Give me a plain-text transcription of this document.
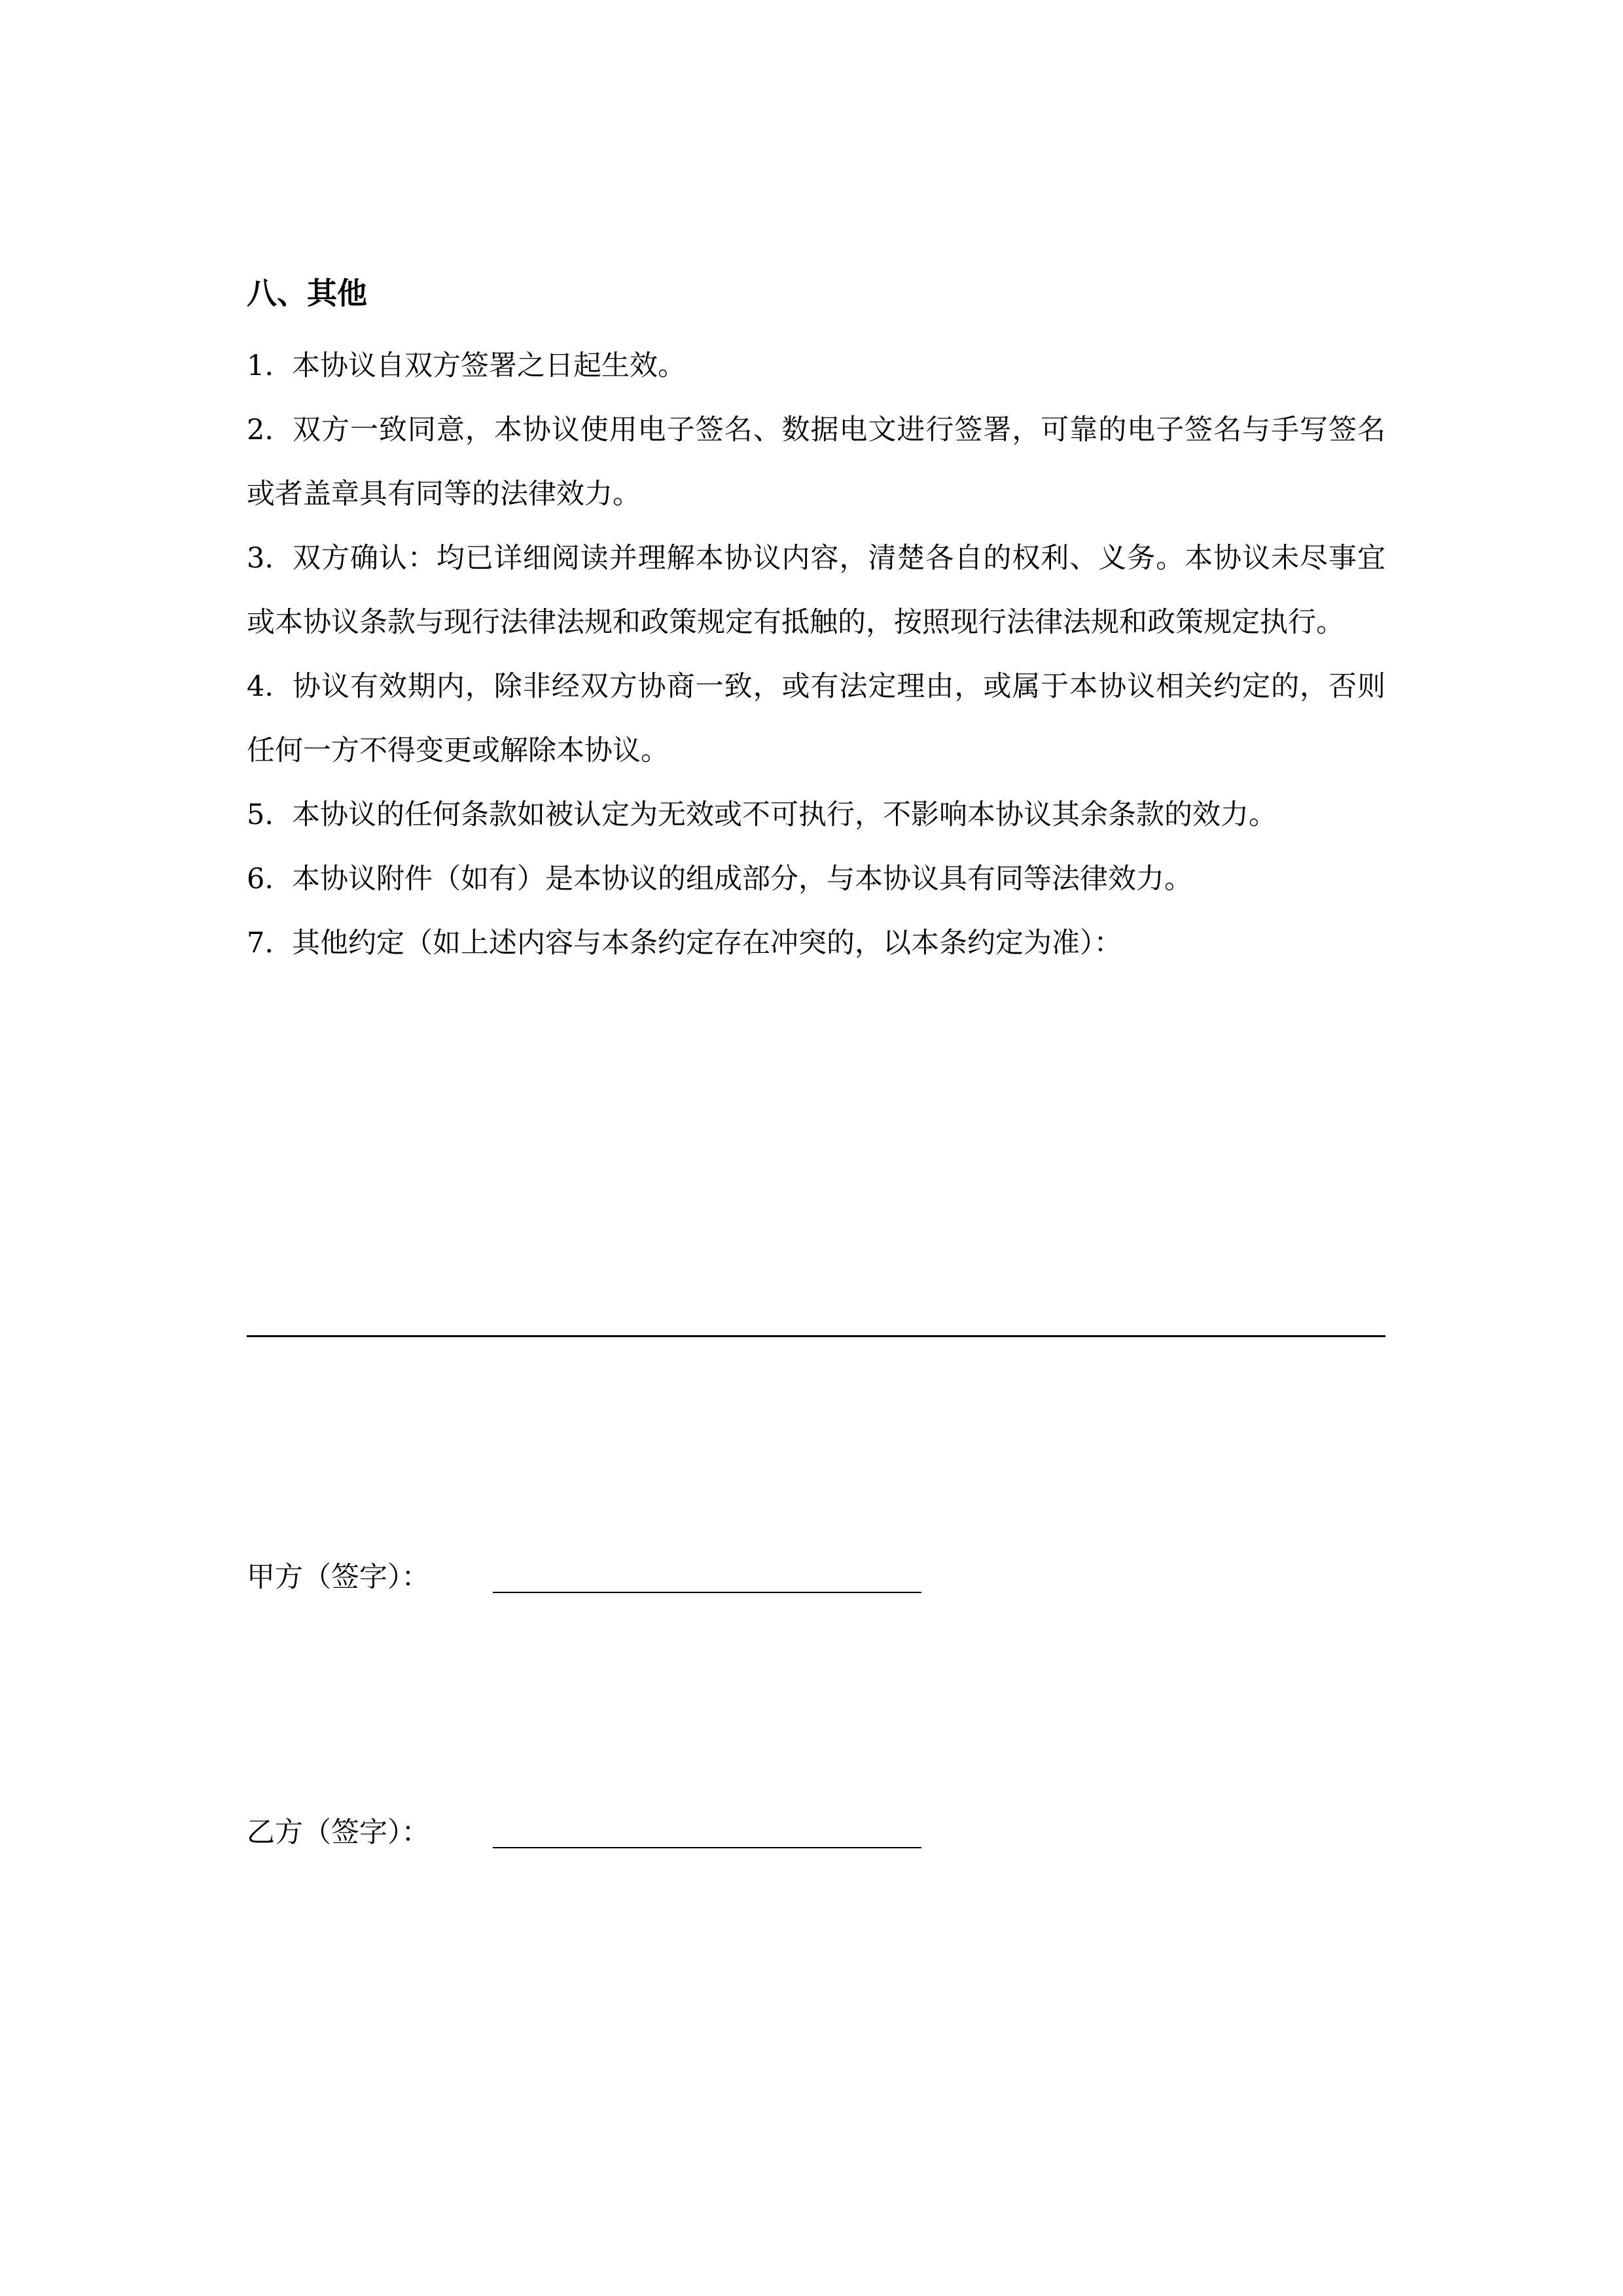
八、其他
1. 本协议自双方签署之日起生效。
2. 双方一致同意，本协议使用电子签名、数据电文进行签署，可靠的电子签名与手写签名或者盖章具有同等的法律效力。
3. 双方确认：均已详细阅读并理解本协议内容，清楚各自的权利、义务。本协议未尽事宜或本协议条款与现行法律法规和政策规定有抵触的，按照现行法律法规和政策规定执行。
4. 协议有效期内，除非经双方协商一致，或有法定理由，或属于本协议相关约定的，否则任何一方不得变更或解除本协议。
5. 本协议的任何条款如被认定为无效或不可执行，不影响本协议其余条款的效力。
6. 本协议附件（如有）是本协议的组成部分，与本协议具有同等法律效力。
7. 其他约定（如上述内容与本条约定存在冲突的，以本条约定为准）：
甲方（签字）：
乙方（签字）：
